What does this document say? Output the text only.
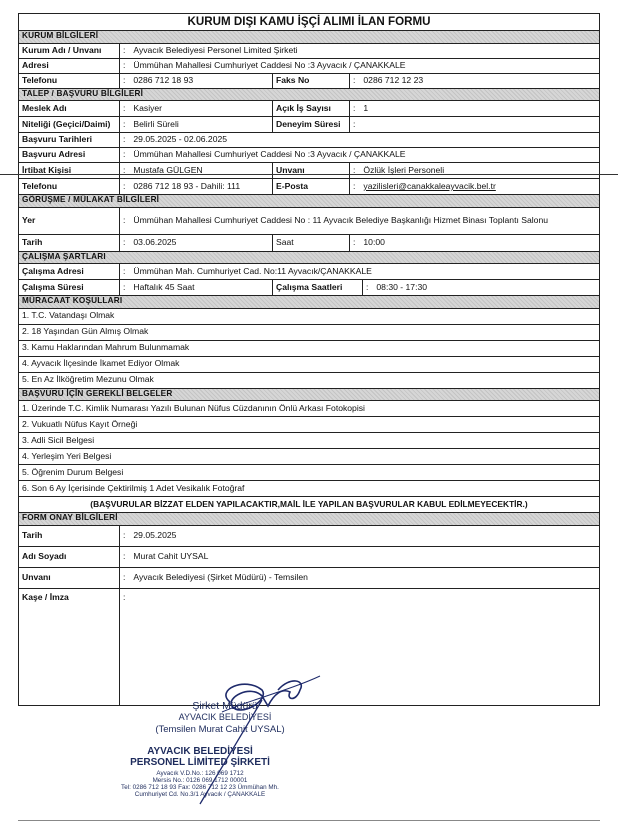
KURUM DIŞI KAMU İŞÇİ ALIMI İLAN FORMU
KURUM BİLGİLERİ
Kurum Adı / Unvanı	: Ayvacık Belediyesi Personel Limited Şirketi
Adresi	: Ümmühan Mahallesi Cumhuriyet Caddesi No :3 Ayvacık / ÇANAKKALE
Telefonu	: 0286 712 18 93	Faks No	: 0286 712 12 23
TALEP / BAŞVURU BİLGİLERİ
Meslek Adı	: Kasiyer	Açık İş Sayısı	: 1
Niteliği (Geçici/Daimi)	: Belirli Süreli	Deneyim Süresi	:
Başvuru Tarihleri	: 29.05.2025 - 02.06.2025
Başvuru Adresi	: Ümmühan Mahallesi Cumhuriyet Caddesi No :3 Ayvacık / ÇANAKKALE
İrtibat Kişisi	: Mustafa GÜLGEN	Unvanı	: Özlük İşleri Personeli
Telefonu	: 0286 712 18 93 - Dahili: 111	E-Posta	: yazilisleri@canakkaleayvacik.bel.tr
GÖRÜŞME / MÜLAKAT BİLGİLERİ
Yer	: Ümmühan Mahallesi Cumhuriyet Caddesi No : 11 Ayvacık Belediye Başkanlığı Hizmet Binası Toplantı Salonu
Tarih	: 03.06.2025	Saat	: 10:00
ÇALIŞMA ŞARTLARI
Çalışma Adresi	: Ümmühan Mah. Cumhuriyet Cad. No:11 Ayvacık/ÇANAKKALE
Çalışma Süresi	: Haftalık 45 Saat	Çalışma Saatleri	: 08:30 - 17:30
MÜRACAAT KOŞULLARI
1. T.C. Vatandaşı Olmak
2. 18 Yaşından Gün Almış Olmak
3. Kamu Haklarından Mahrum Bulunmamak
4. Ayvacık İlçesinde İkamet Ediyor Olmak
5. En Az İlköğretim Mezunu Olmak
BAŞVURU İÇİN GEREKLİ BELGELER
1. Üzerinde T.C. Kimlik Numarası Yazılı Bulunan Nüfus Cüzdanının Önlü Arkası Fotokopisi
2. Vukuatlı Nüfus Kayıt Örneği
3. Adli Sicil Belgesi
4. Yerleşim Yeri Belgesi
5. Öğrenim Durum Belgesi
6. Son 6 Ay İçerisinde Çektirilmiş 1 Adet Vesikalık Fotoğraf
(BAŞVURULAR BİZZAT ELDEN YAPILACAKTIR,MAİL İLE YAPILAN BAŞVURULAR KABUL EDİLMEYECEKTİR.)
FORM ONAY BİLGİLERİ
Tarih	: 29.05.2025
Adı Soyadı	: Murat Cahit UYSAL
Unvanı	: Ayvacık Belediyesi (Şirket Müdürü) - Temsilen
Kaşe / İmza	:
Şirket Müdürü
AYVACIK BELEDİYESİ
(Temsilen Murat Cahit UYSAL)
AYVACIK BELEDİYESİ
PERSONEL LİMİTED ŞİRKETİ
Ayvacık V.D.No.: 126 069 1712
Mersis No.: 0126 069 1712 00001
Tel: 0286 712 18 93 Fax: 0286 712 12 23 Ümmühan Mh.
Cumhuriyet Cd. No.3/1 Ayvacık / ÇANAKKALE
